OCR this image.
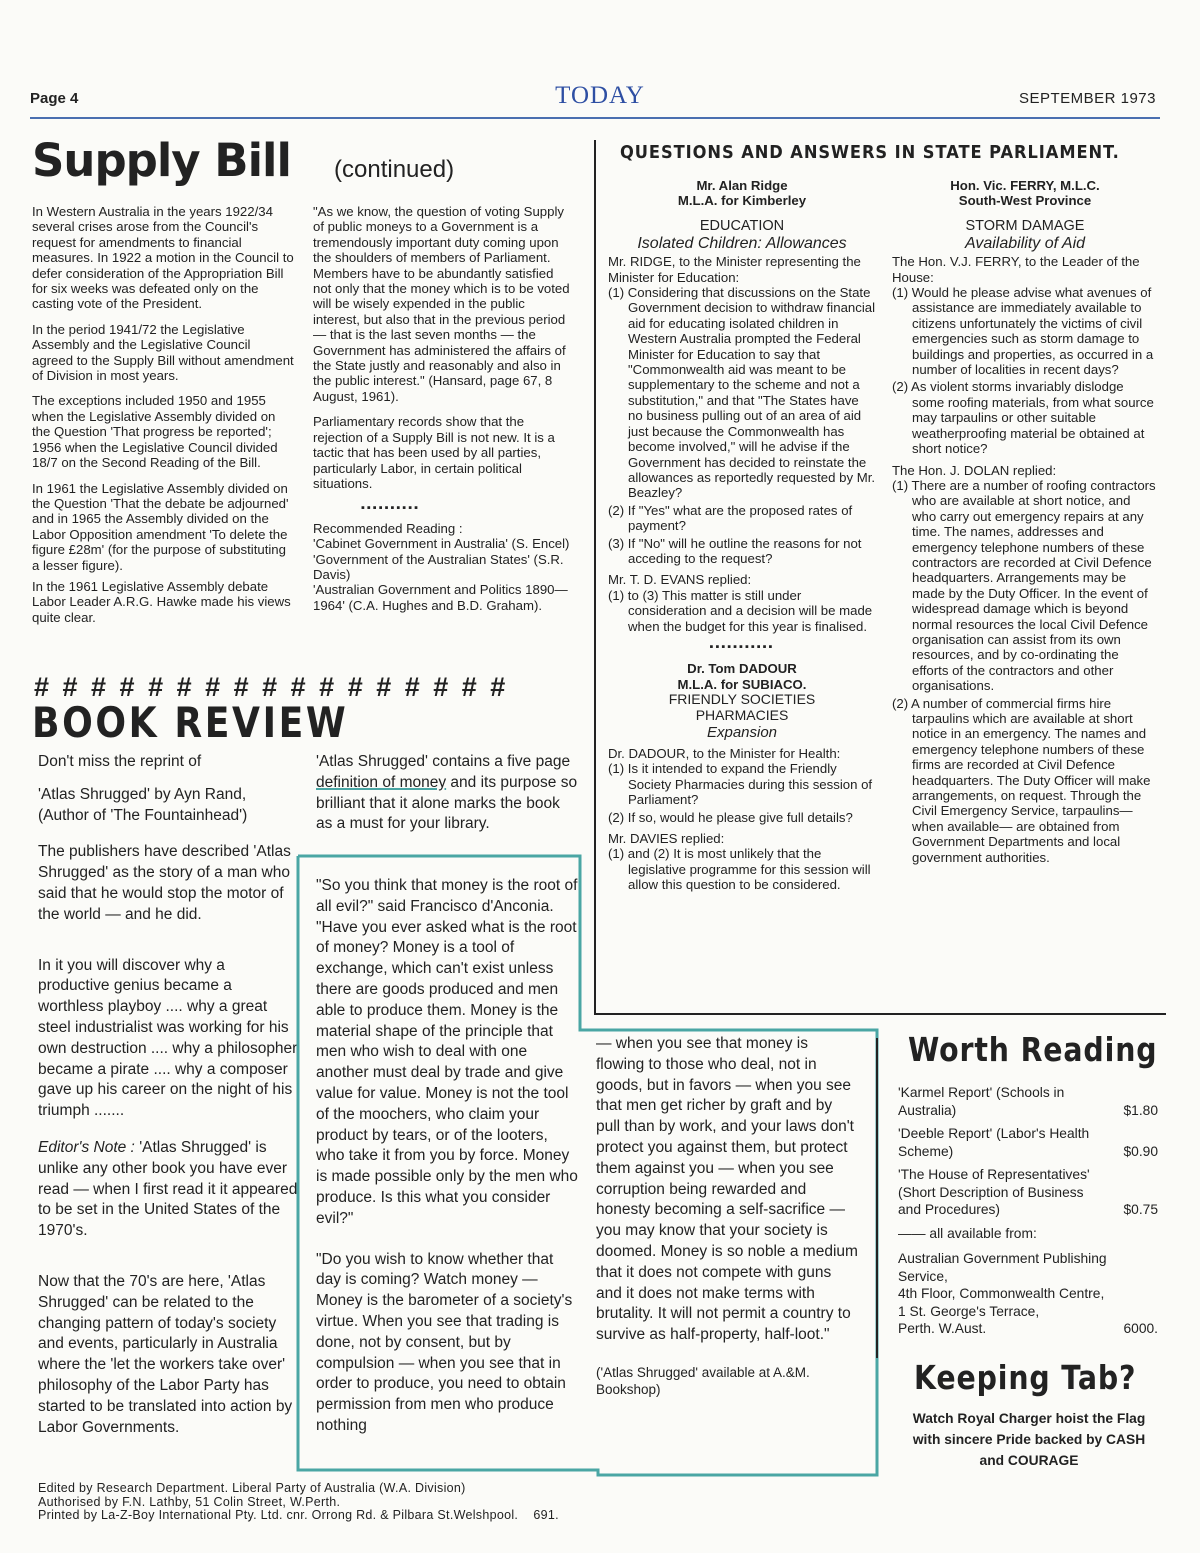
Page 4	TODAY	SEPTEMBER 1973
Supply Bill (continued)

In Western Australia in the years 1922/34 several crises arose from the Council's request for amendments to financial measures. In 1922 a motion in the Council to defer consideration of the Appropriation Bill for six weeks was defeated only on the casting vote of the President.

In the period 1941/72 the Legislative Assembly and the Legislative Council agreed to the Supply Bill without amendment of Division in most years.

The exceptions included 1950 and 1955 when the Legislative Assembly divided on the Question 'That progress be reported'; 1956 when the Legislative Council divided 18/7 on the Second Reading of the Bill.

In 1961 the Legislative Assembly divided on the Question 'That the debate be adjourned' and in 1965 the Assembly divided on the Labor Opposition amendment 'To delete the figure £28m' (for the purpose of substituting a lesser figure).

In the 1961 Legislative Assembly debate Labor Leader A.R.G. Hawke made his views quite clear.

"As we know, the question of voting Supply of public moneys to a Government is a tremendously important duty coming upon the shoulders of members of Parliament. Members have to be abundantly satisfied not only that the money which is to be voted will be wisely expended in the public interest, but also that in the previous period — that is the last seven months — the Government has administered the affairs of the State justly and reasonably and also in the public interest." (Hansard, page 67, 8 August, 1961).

Parliamentary records show that the rejection of a Supply Bill is not new. It is a tactic that has been used by all parties, particularly Labor, in certain political situations.

▪▪▪▪▪▪▪▪▪▪
Recommended Reading :
'Cabinet Government in Australia' (S. Encel)
'Government of the Australian States' (S.R. Davis)
'Australian Government and Politics 1890—1964' (C.A. Hughes and B.D. Graham).
# # # # # # # # # # # # # # # # #
BOOK REVIEW

Don't miss the reprint of

'Atlas Shrugged' by Ayn Rand, (Author of 'The Fountainhead')

The publishers have described 'Atlas Shrugged' as the story of a man who said that he would stop the motor of the world — and he did.

In it you will discover why a productive genius became a worthless playboy .... why a great steel industrialist was working for his own destruction .... why a philosopher became a pirate .... why a composer gave up his career on the night of his triumph .......

Editor's Note : 'Atlas Shrugged' is unlike any other book you have ever read — when I first read it it appeared to be set in the United States of the 1970's.

Now that the 70's are here, 'Atlas Shrugged' can be related to the changing pattern of today's society and events, particularly in Australia where the 'let the workers take over' philosophy of the Labor Party has started to be translated into action by Labor Governments.

'Atlas Shrugged' contains a five page definition of money and its purpose so brilliant that it alone marks the book as a must for your library.

"So you think that money is the root of all evil?" said Francisco d'Anconia. "Have you ever asked what is the root of money? Money is a tool of exchange, which can't exist unless there are goods produced and men able to produce them. Money is the material shape of the principle that men who wish to deal with one another must deal by trade and give value for value. Money is not the tool of the moochers, who claim your product by tears, or of the looters, who take it from you by force. Money is made possible only by the men who produce. Is this what you consider evil?"

"Do you wish to know whether that day is coming? Watch money —Money is the barometer of a society's virtue. When you see that trading is done, not by consent, but by compulsion — when you see that in order to produce, you need to obtain permission from men who produce nothing

— when you see that money is flowing to those who deal, not in goods, but in favors — when you see that men get richer by graft and by pull than by work, and your laws don't protect you against them, but protect them against you — when you see corruption being rewarded and honesty becoming a self-sacrifice — you may know that your society is doomed. Money is so noble a medium that it does not compete with guns and it does not make terms with brutality. It will not permit a country to survive as half-property, half-loot."

('Atlas Shrugged' available at A.&M. Bookshop)

QUESTIONS AND ANSWERS IN STATE PARLIAMENT.
Mr. Alan Ridge
M.L.A. for Kimberley
EDUCATION
Isolated Children: Allowances
Mr. RIDGE, to the Minister representing the Minister for Education:
(1) Considering that discussions on the State Government decision to withdraw financial aid for educating isolated children in Western Australia prompted the Federal Minister for Education to say that "Commonwealth aid was meant to be supplementary to the scheme and not a substitution," and that "The States have no business pulling out of an area of aid just because the Commonwealth has become involved," will he advise if the Government has decided to reinstate the allowances as reportedly requested by Mr. Beazley?
(2) If "Yes" what are the proposed rates of payment?
(3) If "No" will he outline the reasons for not acceding to the request?
Mr. T. D. EVANS replied:
(1) to (3) This matter is still under consideration and a decision will be made when the budget for this year is finalised.
▪▪▪▪▪▪▪▪▪▪▪
Dr. Tom DADOUR
M.L.A. for SUBIACO.
FRIENDLY SOCIETIES PHARMACIES
Expansion
Dr. DADOUR, to the Minister for Health:
(1) Is it intended to expand the Friendly Society Pharmacies during this session of Parliament?
(2) If so, would he please give full details?
Mr. DAVIES replied:
(1) and (2) It is most unlikely that the legislative programme for this session will allow this question to be considered.
Hon. Vic. FERRY, M.L.C.
South-West Province
STORM DAMAGE
Availability of Aid
The Hon. V.J. FERRY, to the Leader of the House:
(1) Would he please advise what avenues of assistance are immediately available to citizens unfortunately the victims of civil emergencies such as storm damage to buildings and properties, as occurred in a number of localities in recent days?
(2) As violent storms invariably dislodge some roofing materials, from what source may tarpaulins or other suitable weatherproofing material be obtained at short notice?
The Hon. J. DOLAN replied:
(1) There are a number of roofing contractors who are available at short notice, and who carry out emergency repairs at any time. The names, addresses and emergency telephone numbers of these contractors are recorded at Civil Defence headquarters. Arrangements may be made by the Duty Officer. In the event of widespread damage which is beyond normal resources the local Civil Defence organisation can assist from its own resources, and by co-ordinating the efforts of the contractors and other organisations.
(2) A number of commercial firms hire tarpaulins which are available at short notice in an emergency. The names and emergency telephone numbers of these firms are recorded at Civil Defence headquarters. The Duty Officer will make arrangements, on request. Through the Civil Emergency Service, tarpaulins—when available— are obtained from Government Departments and local government authorities.
Worth Reading
'Karmel Report' (Schools in Australia)	$1.80
'Deeble Report' (Labor's Health Scheme)	$0.90
'The House of Representatives' (Short Description of Business and Procedures)	$0.75
—— all available from:
Australian Government Publishing Service,
4th Floor, Commonwealth Centre,
1 St. George's Terrace,
Perth. W.Aust.	6000.
Keeping Tab?
Watch Royal Charger hoist the Flag with sincere Pride backed by CASH and COURAGE
Edited by Research Department. Liberal Party of Australia (W.A. Division)
Authorised by F.N. Lathby, 51 Colin Street, W.Perth.
Printed by La-Z-Boy International Pty. Ltd. cnr. Orrong Rd. & Pilbara St.Welshpool. 691.
